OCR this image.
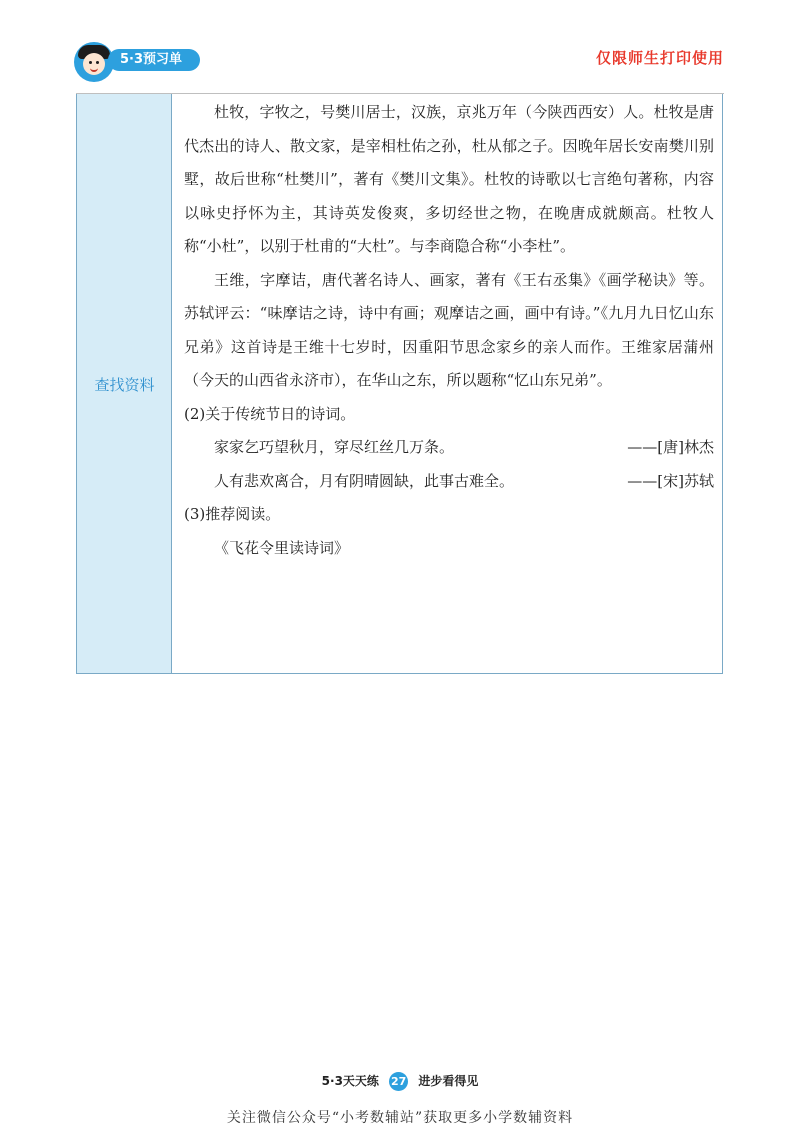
5·3预习单	仅限师生打印使用
查找资料

杜牧，字牧之，号樊川居士，汉族，京兆万年（今陕西西安）人。杜牧是唐代杰出的诗人、散文家，是宰相杜佑之孙，杜从郁之子。因晚年居长安南樊川别墅，故后世称“杜樊川”，著有《樊川文集》。杜牧的诗歌以七言绝句著称，内容以咏史抒怀为主，其诗英发俊爽，多切经世之物，在晚唐成就颇高。杜牧人称“小杜”，以别于杜甫的“大杜”。与李商隐合称“小李杜”。

王维，字摩诘，唐代著名诗人、画家，著有《王右丞集》《画学秘诀》等。苏轼评云：“味摩诘之诗，诗中有画；观摩诘之画，画中有诗。”《九月九日忆山东兄弟》这首诗是王维十七岁时，因重阳节思念家乡的亲人而作。王维家居蒲州（今天的山西省永济市），在华山之东，所以题称“忆山东兄弟”。

(2)关于传统节日的诗词。

家家乞巧望秋月，穿尽红丝几万条。	——[唐]林杰
人有悲欢离合，月有阴晴圆缺，此事古难全。	——[宋]苏轼

(3)推荐阅读。

《飞花令里读诗词》

5·3天天练 27 进步看得见
关注微信公众号“小考数辅站”获取更多小学数辅资料
